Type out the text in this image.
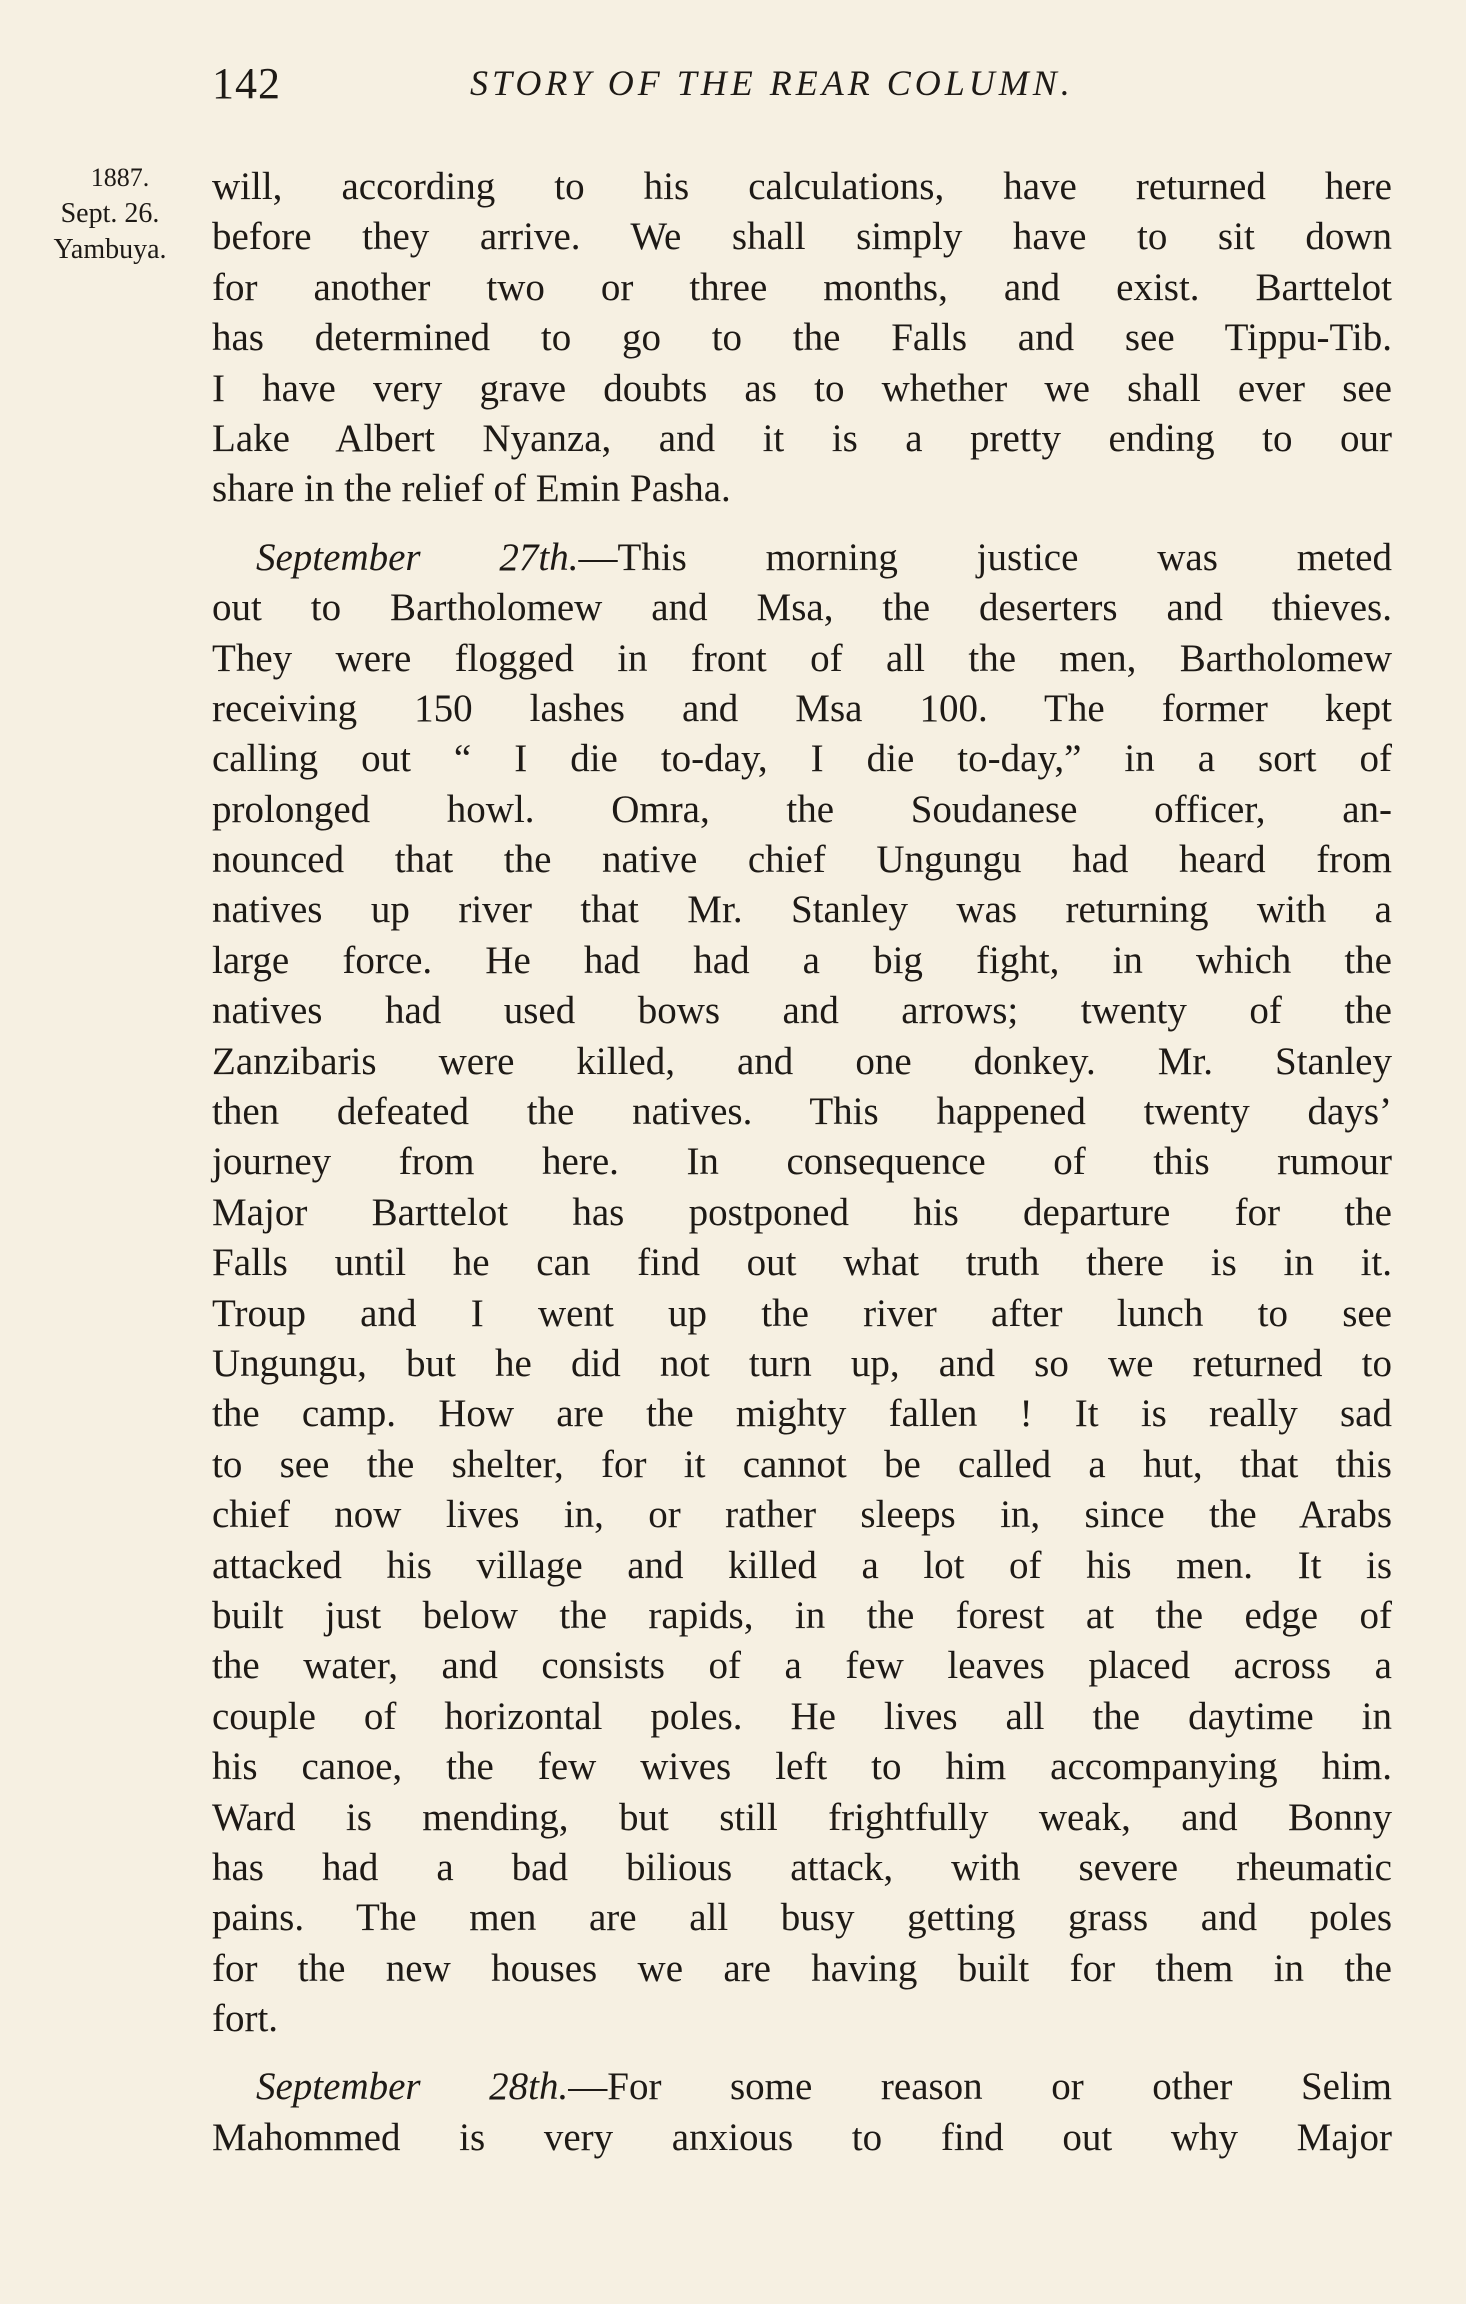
142	STORY OF THE REAR COLUMN.
1887.
Sept. 26.
Yambuya.
will, according to his calculations, have returned here
before they arrive. We shall simply have to sit down
for another two or three months, and exist. Barttelot
has determined to go to the Falls and see Tippu-Tib.
I have very grave doubts as to whether we shall ever see
Lake Albert Nyanza, and it is a pretty ending to our
share in the relief of Emin Pasha.
September 27th.—This morning justice was meted
out to Bartholomew and Msa, the deserters and thieves.
They were flogged in front of all the men, Bartholomew
receiving 150 lashes and Msa 100. The former kept
calling out “ I die to-day, I die to-day,” in a sort of
prolonged howl. Omra, the Soudanese officer, an-
nounced that the native chief Ungungu had heard from
natives up river that Mr. Stanley was returning with a
large force. He had had a big fight, in which the
natives had used bows and arrows; twenty of the
Zanzibaris were killed, and one donkey. Mr. Stanley
then defeated the natives. This happened twenty days’
journey from here. In consequence of this rumour
Major Barttelot has postponed his departure for the
Falls until he can find out what truth there is in it.
Troup and I went up the river after lunch to see
Ungungu, but he did not turn up, and so we returned to
the camp. How are the mighty fallen ! It is really sad
to see the shelter, for it cannot be called a hut, that this
chief now lives in, or rather sleeps in, since the Arabs
attacked his village and killed a lot of his men. It is
built just below the rapids, in the forest at the edge of
the water, and consists of a few leaves placed across a
couple of horizontal poles. He lives all the daytime in
his canoe, the few wives left to him accompanying him.
Ward is mending, but still frightfully weak, and Bonny
has had a bad bilious attack, with severe rheumatic
pains. The men are all busy getting grass and poles
for the new houses we are having built for them in the
fort.
September 28th.—For some reason or other Selim
Mahommed is very anxious to find out why Major
